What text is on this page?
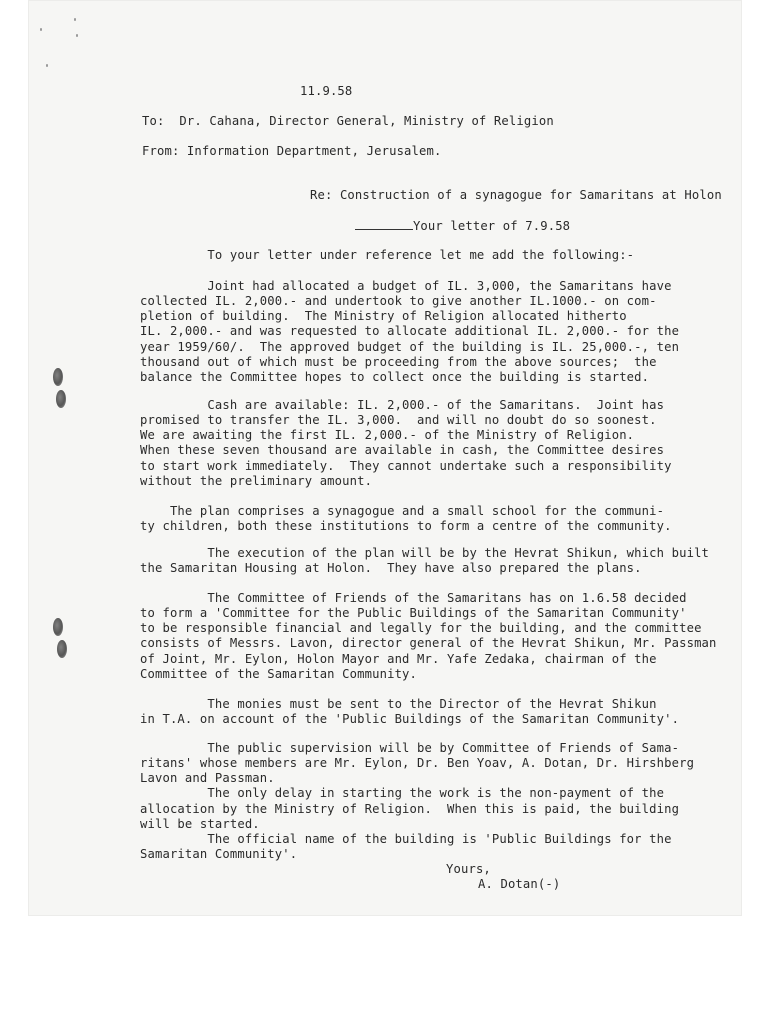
11.9.58

To:  Dr. Cahana, Director General, Ministry of Religion

From: Information Department, Jerusalem.

Re: Construction of a synagogue for Samaritans at Holon

Your letter of 7.9.58

To your letter under reference let me add the following:-
Joint had allocated a budget of IL. 3,000, the Samaritans have
collected IL. 2,000.- and undertook to give another IL.1000.- on com-
pletion of building.  The Ministry of Religion allocated hitherto
IL. 2,000.- and was requested to allocate additional IL. 2,000.- for the
year 1959/60/.  The approved budget of the building is IL. 25,000.-, ten
thousand out of which must be proceeding from the above sources;  the
balance the Committee hopes to collect once the building is started.
Cash are available: IL. 2,000.- of the Samaritans.  Joint has
promised to transfer the IL. 3,000.  and will no doubt do so soonest.
We are awaiting the first IL. 2,000.- of the Ministry of Religion.
When these seven thousand are available in cash, the Committee desires
to start work immediately.  They cannot undertake such a responsibility
without the preliminary amount.
The plan comprises a synagogue and a small school for the communi-
ty children, both these institutions to form a centre of the community.
The execution of the plan will be by the Hevrat Shikun, which built
the Samaritan Housing at Holon.  They have also prepared the plans.
The Committee of Friends of the Samaritans has on 1.6.58 decided
to form a 'Committee for the Public Buildings of the Samaritan Community'
to be responsible financial and legally for the building, and the committee
consists of Messrs. Lavon, director general of the Hevrat Shikun, Mr. Passman
of Joint, Mr. Eylon, Holon Mayor and Mr. Yafe Zedaka, chairman of the
Committee of the Samaritan Community.
The monies must be sent to the Director of the Hevrat Shikun
in T.A. on account of the 'Public Buildings of the Samaritan Community'.
The public supervision will be by Committee of Friends of Sama-
ritans' whose members are Mr. Eylon, Dr. Ben Yoav, A. Dotan, Dr. Hirshberg
Lavon and Passman.
The only delay in starting the work is the non-payment of the
allocation by the Ministry of Religion.  When this is paid, the building
will be started.
The official name of the building is 'Public Buildings for the
Samaritan Community'.

Yours,

A. Dotan(-)
